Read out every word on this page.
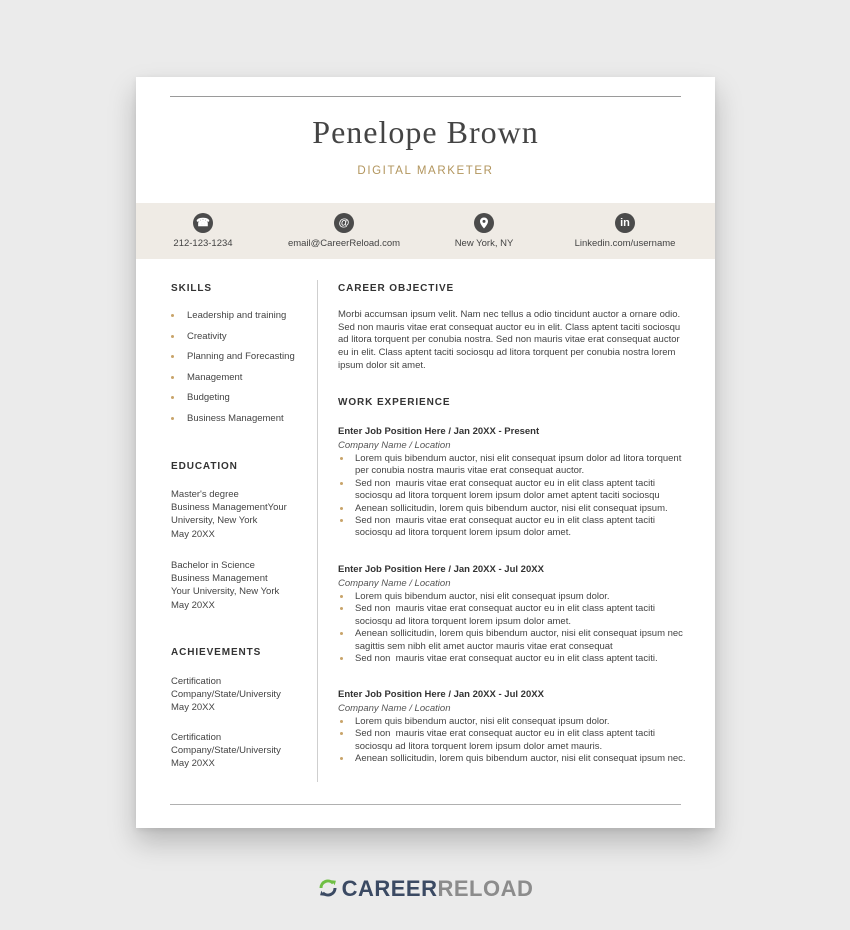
Penelope Brown
DIGITAL MARKETER
☎
212-123-1234
@
email@CareerReload.com	New York, NY
in
Linkedin.com/username
SKILLS
Leadership and training
Creativity
Planning and Forecasting
Management
Budgeting
Business Management
EDUCATION
Master's degree
Business ManagementYour
University, New York
May 20XX
Bachelor in Science
Business Management
Your University, New York
May 20XX
ACHIEVEMENTS
Certification
Company/State/University
May 20XX
Certification
Company/State/University
May 20XX
CAREER OBJECTIVE

Morbi accumsan ipsum velit. Nam nec tellus a odio tincidunt auctor a ornare odio. Sed non mauris vitae erat consequat auctor eu in elit. Class aptent taciti sociosqu ad litora torquent per conubia nostra. Sed non mauris vitae erat consequat auctor eu in elit. Class aptent taciti sociosqu ad litora torquent per conubia nostra lorem ipsum dolor sit amet.

WORK EXPERIENCE
Enter Job Position Here / Jan 20XX - Present
Company Name / Location
Lorem quis bibendum auctor, nisi elit consequat ipsum dolor ad litora torquent
per conubia nostra mauris vitae erat consequat auctor.
Sed non  mauris vitae erat consequat auctor eu in elit class aptent taciti
sociosqu ad litora torquent lorem ipsum dolor amet aptent taciti sociosqu
Aenean sollicitudin, lorem quis bibendum auctor, nisi elit consequat ipsum.
Sed non  mauris vitae erat consequat auctor eu in elit class aptent taciti
sociosqu ad litora torquent lorem ipsum dolor amet.
Enter Job Position Here / Jan 20XX - Jul 20XX
Company Name / Location
Lorem quis bibendum auctor, nisi elit consequat ipsum dolor.
Sed non  mauris vitae erat consequat auctor eu in elit class aptent taciti
sociosqu ad litora torquent lorem ipsum dolor amet.
Aenean sollicitudin, lorem quis bibendum auctor, nisi elit consequat ipsum nec
sagittis sem nibh elit amet auctor mauris vitae erat consequat
Sed non  mauris vitae erat consequat auctor eu in elit class aptent taciti.
Enter Job Position Here / Jan 20XX - Jul 20XX
Company Name / Location
Lorem quis bibendum auctor, nisi elit consequat ipsum dolor.
Sed non  mauris vitae erat consequat auctor eu in elit class aptent taciti
sociosqu ad litora torquent lorem ipsum dolor amet mauris.
Aenean sollicitudin, lorem quis bibendum auctor, nisi elit consequat ipsum nec.
CAREERRELOAD
